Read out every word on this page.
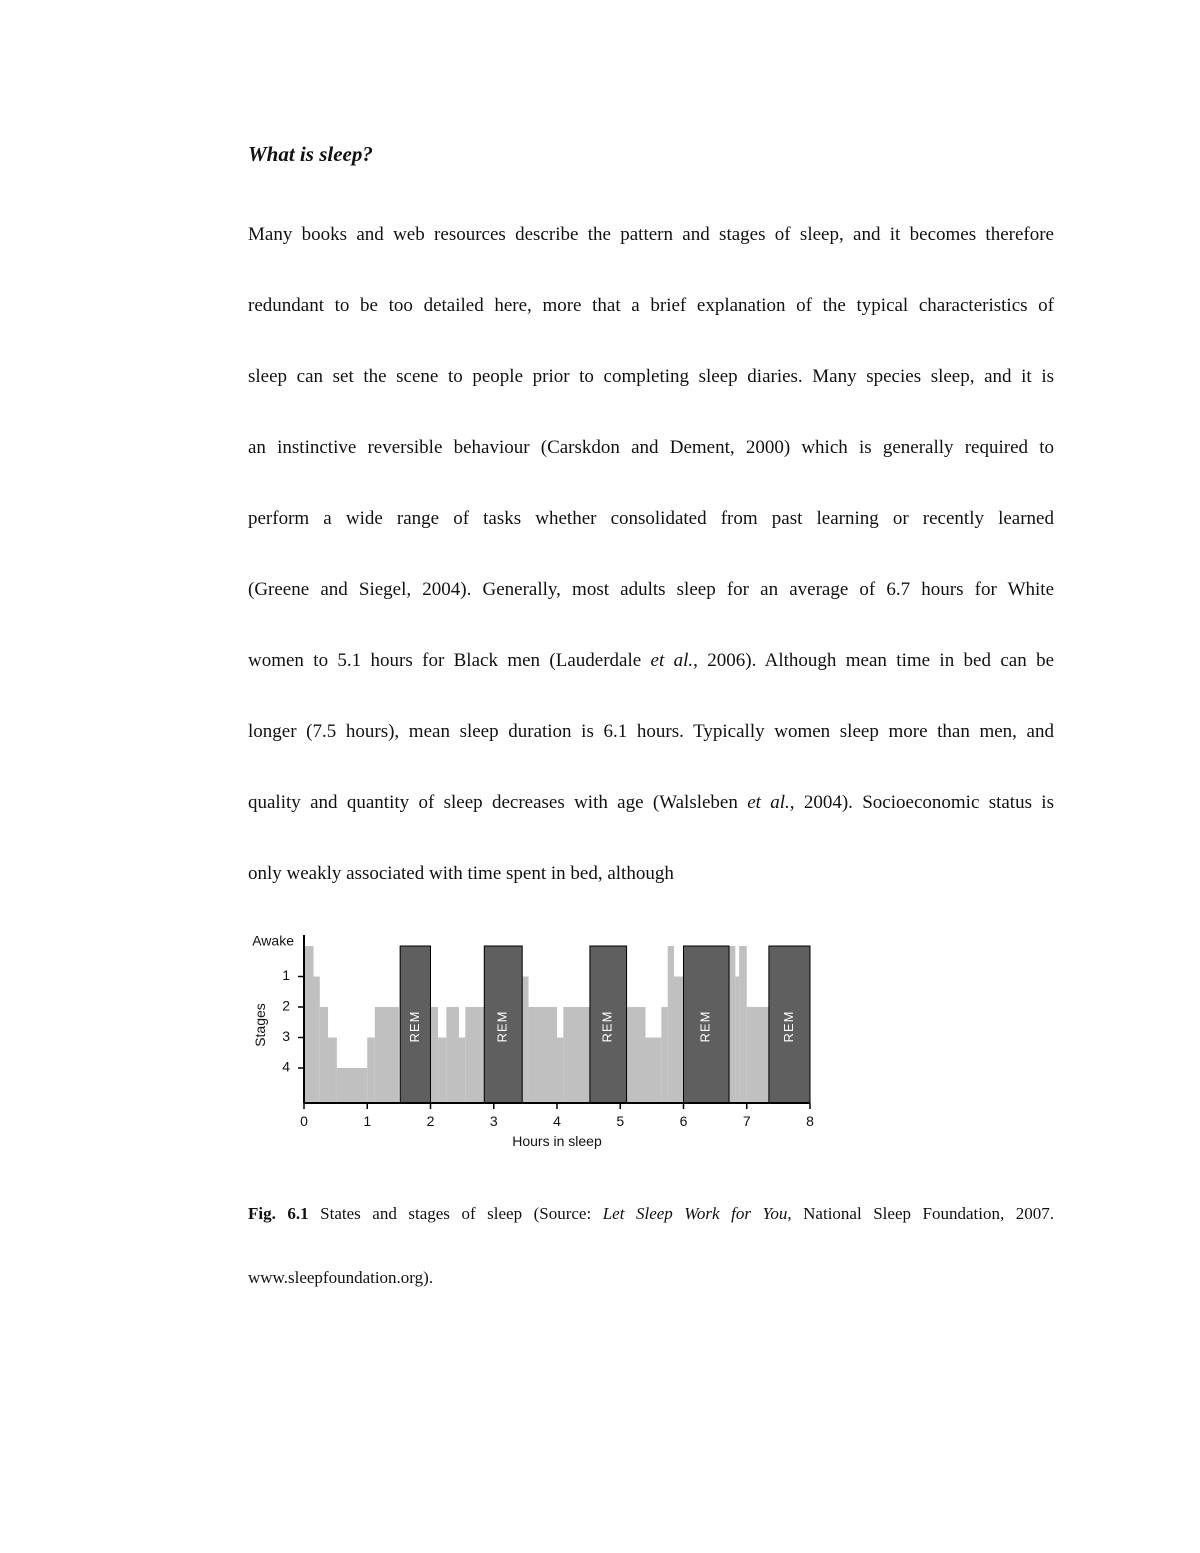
What is sleep?
Many books and web resources describe the pattern and stages of sleep, and it becomes therefore
redundant to be too detailed here, more that a brief explanation of the typical characteristics of
sleep can set the scene to people prior to completing sleep diaries. Many species sleep, and it is
an instinctive reversible behaviour (Carskdon and Dement, 2000) which is generally required to
perform a wide range of tasks whether consolidated from past learning or recently learned
(Greene and Siegel, 2004). Generally, most adults sleep for an average of 6.7 hours for White
women to 5.1 hours for Black men (Lauderdale et al., 2006). Although mean time in bed can be
longer (7.5 hours), mean sleep duration is 6.1 hours. Typically women sleep more than men, and
quality and quantity of sleep decreases with age (Walsleben et al., 2004). Socioeconomic status is
only weakly associated with time spent in bed, although
REM	REM	REM	REM	REM
Awake
1
2
3
4
0	1	2	3	4	5	6	7	8
Hours in sleep
Stages
Fig. 6.1 States and stages of sleep (Source: Let Sleep Work for You, National Sleep Foundation, 2007.
www.sleepfoundation.org).
